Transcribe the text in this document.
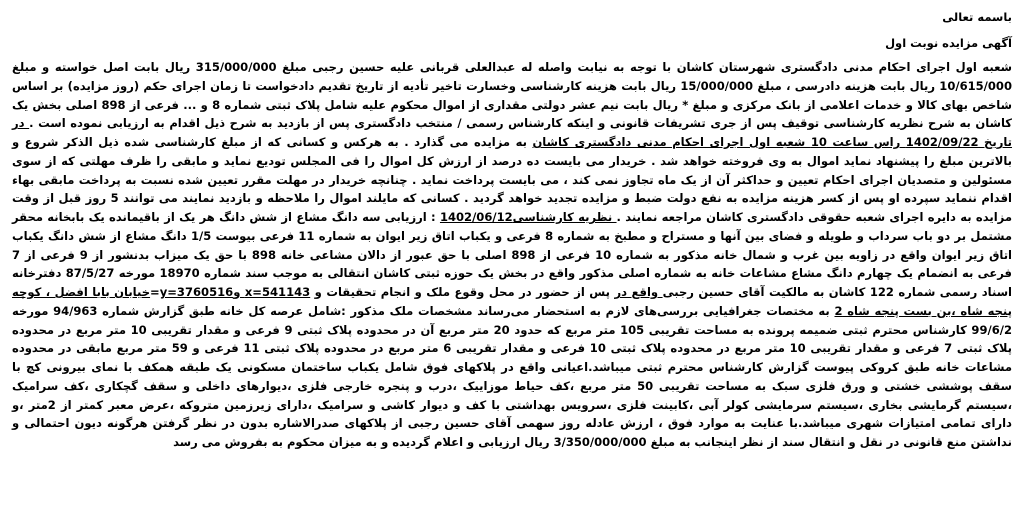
باسمه تعالی

آگهی مزایده نوبت اول

شعبه اول اجرای احکام مدنی دادگستری شهرستان کاشان با توجه به نیابت واصله له عبدالعلی قربانی علیه حسین رجبی مبلغ 315/000/000 ریال بابت اصل خواسته و مبلغ 10/615/000 ریال بابت هزینه دادرسی ، مبلغ 15/000/000 ریال بابت هزینه کارشناسی وخسارت تاخیر تأدیه از تاریخ تقدیم دادخواست تا زمان اجرای حکم (روز مزایده) بر اساس شاخص بهای کالا و خدمات اعلامی از بانک مرکزی و مبلغ * ریال بابت نیم عشر دولتی مقداری از اموال محکوم علیه شامل پلاک ثبتی شماره 8 و ... فرعی از 898 اصلی بخش یک کاشان به شرح نظریه کارشناسی توقیف پس از جری تشریفات قانونی و اینکه کارشناس رسمی / منتخب دادگستری پس از بازدید به شرح ذیل اقدام به ارزیابی نموده است . در تاریخ 1402/09/22 راس ساعت 10 شعبه اول اجرای احکام مدنی دادگستری کاشان به مزایده می گذارد . به هرکس و کسانی که از مبلغ کارشناسی شده ذیل الذکر شروع و بالاترین مبلغ را پیشنهاد نماید اموال به وی فروخته خواهد شد . خریدار می بایست ده درصد از ارزش کل اموال را فی المجلس تودیع نماید و مابقی را ظرف مهلتی که از سوی مسئولین و متصدیان اجرای احکام تعیین و حداکثر آن از یک ماه تجاوز نمی کند ، می بایست پرداخت نماید . چنانچه خریدار در مهلت مقرر تعیین شده نسبت به پرداخت مابقی بهاء اقدام ننماید سپرده او پس از کسر هزینه مزایده به نفع دولت ضبط و مزایده تجدید خواهد گردید . کسانی که مایلند اموال را ملاحظه و بازدید نمایند می توانند 5 روز قبل از وقت مزایده به دایره اجرای شعبه حقوقی دادگستری کاشان مراجعه نمایند . نظریه کارشناسی1402/06/12 : ارزیابی سه دانگ مشاع از شش دانگ هر یک از باقیمانده یک بابخانه محقر مشتمل بر دو باب سرداب و طویله و فضای بین آنها و مستراح و مطبخ به شماره 8 فرعی و یکباب اتاق زیر ایوان به شماره 11 فرعی بیوست 1/5 دانگ مشاع از شش دانگ یکباب اتاق زیر ایوان واقع در زاویه بین غرب و شمال خانه مذکور به شماره 10 فرعی از 898 اصلی با حق عبور از دالان مشاعی خانه 898 با حق یک میزاب بدنشور از 9 فرعی از 7 فرعی به انضمام یک چهارم دانگ مشاع مشاعات خانه به شماره اصلی مذکور واقع در بخش یک حوزه ثبتی کاشان انتقالی به موجب سند شماره 18970 مورخه 87/5/27 دفترخانه اسناد رسمی شماره 122 کاشان به مالکیت آقای حسین رجبی واقع در پس از حضور در محل وقوع ملک و انجام تحقیقات و x=541143 وy=3760516=خیابان بابا افضل ، کوچه پنجه شاه ،بن بست پنجه شاه 2 به مختصات جغرافیایی بررسی‌های لازم به استحضار می‌رساند مشخصات ملک مذکور :شامل عرصه کل خانه طبق گزارش شماره 94/963 مورخه 99/6/2 کارشناس محترم ثبتی ضمیمه پرونده به مساحت تقریبی 105 متر مربع که حدود 20 متر مربع آن در محدوده پلاک ثبتی 9 فرعی و مقدار تقریبی 10 متر مربع در محدوده پلاک ثبتی 7 فرعی و مقدار تقریبی 10 متر مربع در محدوده پلاک ثبتی 10 فرعی و مقدار تقریبی 6 متر مربع در محدوده پلاک ثبتی 11 فرعی و 59 متر مربع مابقی در محدوده مشاعات خانه طبق کروکی پیوست گزارش کارشناس محترم ثبتی میباشد.اعیانی واقع در پلاکهای فوق شامل یکباب ساختمان مسکونی یک طبقه همکف با نمای بیرونی کچ با سقف پوششی خشتی و ورق فلزی سبک به مساحت تقریبی 50 متر مربع ،کف حیاط موزاییک ،درب و پنجره خارجی فلزی ،دیوارهای داخلی و سقف گچکاری ،کف سرامیک ،سیستم گرمایشی بخاری ،سیستم سرمایشی کولر آبی ،کابینت فلزی ،سرویس بهداشتی با کف و دیوار کاشی و سرامیک ،دارای زیرزمین متروکه ،عرض معبر کمتر از 2متر ،و دارای تمامی امتیازات شهری میباشد.با عنایت به موارد فوق ، ارزش عادله روز سهمی آقای حسین رجبی از پلاکهای صدرالاشاره بدون در نظر گرفتن هرگونه دیون احتمالی و نداشتن منع قانونی در نقل و انتقال سند از نظر اینجانب به مبلغ 3/350/000/000 ریال ارزیابی و اعلام گردیده و به میزان محکوم به بفروش می رسد
